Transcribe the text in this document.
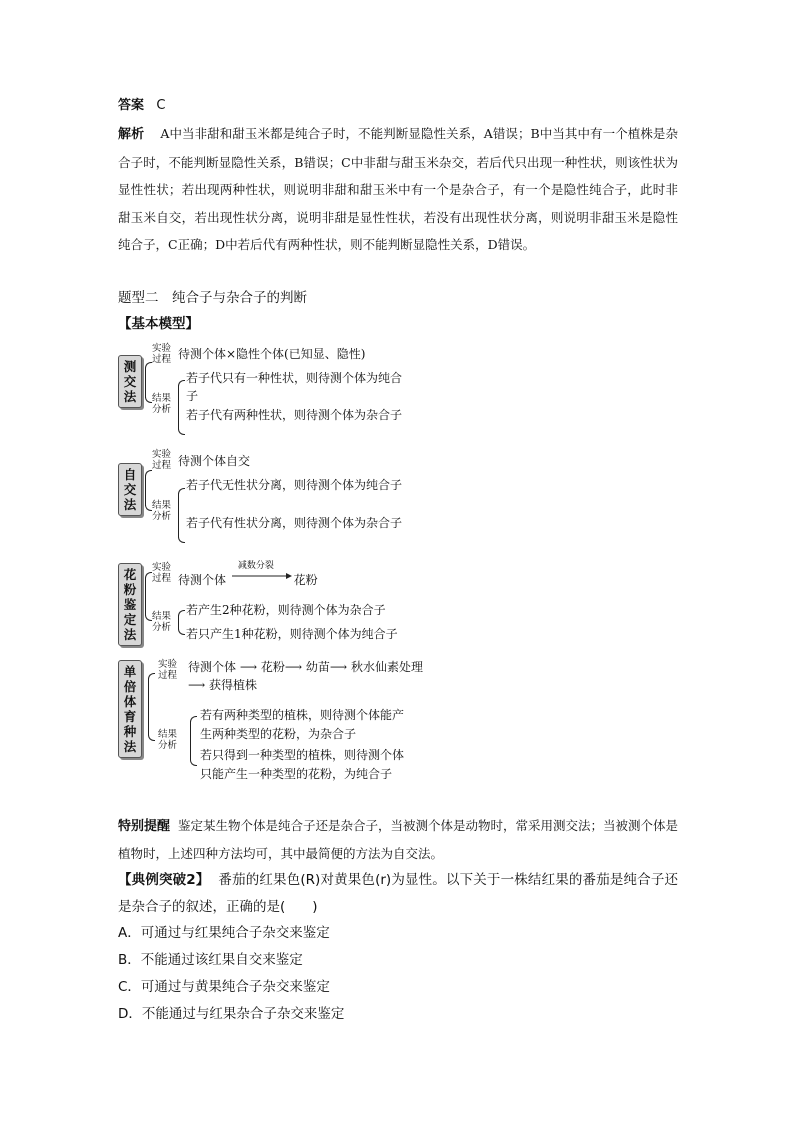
答案 C

解析 A中当非甜和甜玉米都是纯合子时，不能判断显隐性关系，A错误；B中当其中有一个植株是杂合子时，不能判断显隐性关系，B错误；C中非甜与甜玉米杂交，若后代只出现一种性状，则该性状为显性性状；若出现两种性状，则说明非甜和甜玉米中有一个是杂合子，有一个是隐性纯合子，此时非甜玉米自交，若出现性状分离，说明非甜是显性性状，若没有出现性状分离，则说明非甜玉米是隐性纯合子，C正确；D中若后代有两种性状，则不能判断显隐性关系，D错误。

题型二　纯合子与杂合子的判断

【基本模型】

测交法
实验过程 待测个体×隐性个体(已知显、隐性)

结果分析

若子代只有一种性状，则待测个体为纯合子

若子代有两种性状，则待测个体为杂合子

自交法
实验过程 待测个体自交

结果分析

若子代无性状分离，则待测个体为纯合子

若子代有性状分离，则待测个体为杂合子

花粉鉴定法
实验过程 待测个体
减数分裂
花粉

结果分析

若产生2种花粉，则待测个体为杂合子

若只产生1种花粉，则待测个体为纯合子

单倍体育种法
实验过程

待测个体 ⟶ 花粉⟶ 幼苗⟶ 秋水仙素处理 ⟶ 获得植株

结果分析

若有两种类型的植株，则待测个体能产生两种类型的花粉，为杂合子

若只得到一种类型的植株，则待测个体只能产生一种类型的花粉，为纯合子

特别提醒 鉴定某生物个体是纯合子还是杂合子，当被测个体是动物时，常采用测交法；当被测个体是植物时，上述四种方法均可，其中最简便的方法为自交法。

【典例突破2】 番茄的红果色(R)对黄果色(r)为显性。以下关于一株结红果的番茄是纯合子还是杂合子的叙述，正确的是(　　)

A．可通过与红果纯合子杂交来鉴定

B．不能通过该红果自交来鉴定

C．可通过与黄果纯合子杂交来鉴定

D．不能通过与红果杂合子杂交来鉴定
